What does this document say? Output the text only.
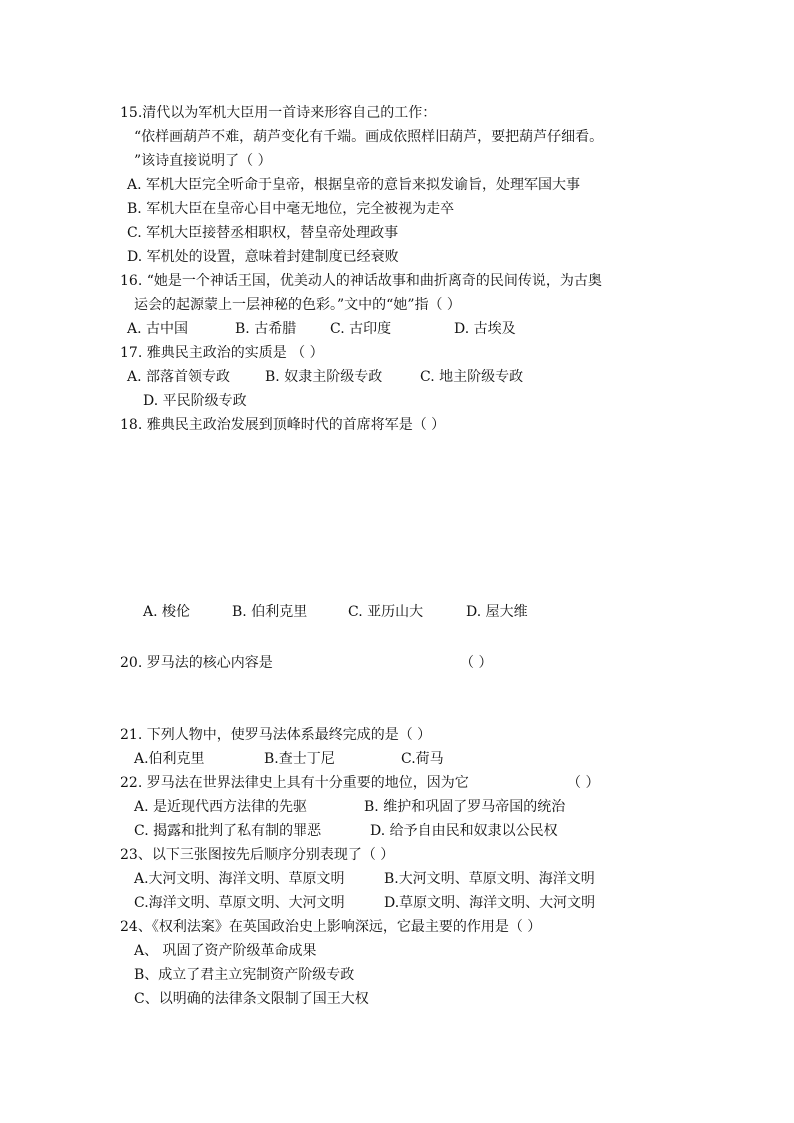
15.清代以为军机大臣用一首诗来形容自己的工作：
“依样画葫芦不难，葫芦变化有千端。画成依照样旧葫芦，要把葫芦仔细看。
”该诗直接说明了（ ）
A. 军机大臣完全听命于皇帝，根据皇帝的意旨来拟发谕旨，处理军国大事
B. 军机大臣在皇帝心目中毫无地位，完全被视为走卒
C. 军机大臣接替丞相职权，替皇帝处理政事
D. 军机处的设置，意味着封建制度已经衰败
16. “她是一个神话王国，优美动人的神话故事和曲折离奇的民间传说，为古奥
运会的起源蒙上一层神秘的色彩。”文中的“她”指（ ）
A. 古中国	B. 古希腊 C. 古印度	D. 古埃及
17. 雅典民主政治的实质是 （ ）
A. 部落首领专政 B. 奴隶主阶级专政	C. 地主阶级专政
D. 平民阶级专政
18. 雅典民主政治发展到顶峰时代的首席将军是（ ）
A. 梭伦	B. 伯利克里	C. 亚历山大	D. 屋大维
20. 罗马法的核心内容是	（ ）
21. 下列人物中，使罗马法体系最终完成的是（ ）
A.伯利克里	B.查士丁尼	C.荷马
22. 罗马法在世界法律史上具有十分重要的地位，因为它	（ ）
A. 是近现代西方法律的先驱	B. 维护和巩固了罗马帝国的统治
C. 揭露和批判了私有制的罪恶	D. 给予自由民和奴隶以公民权
23、以下三张图按先后顺序分别表现了（ ）
A.大河文明、海洋文明、草原文明	B.大河文明、草原文明、海洋文明
C.海洋文明、草原文明、大河文明	D.草原文明、海洋文明、大河文明
24、《权利法案》在英国政治史上影响深远，它最主要的作用是（ ）
A、 巩固了资产阶级革命成果
B、成立了君主立宪制资产阶级专政
C、以明确的法律条文限制了国王大权
